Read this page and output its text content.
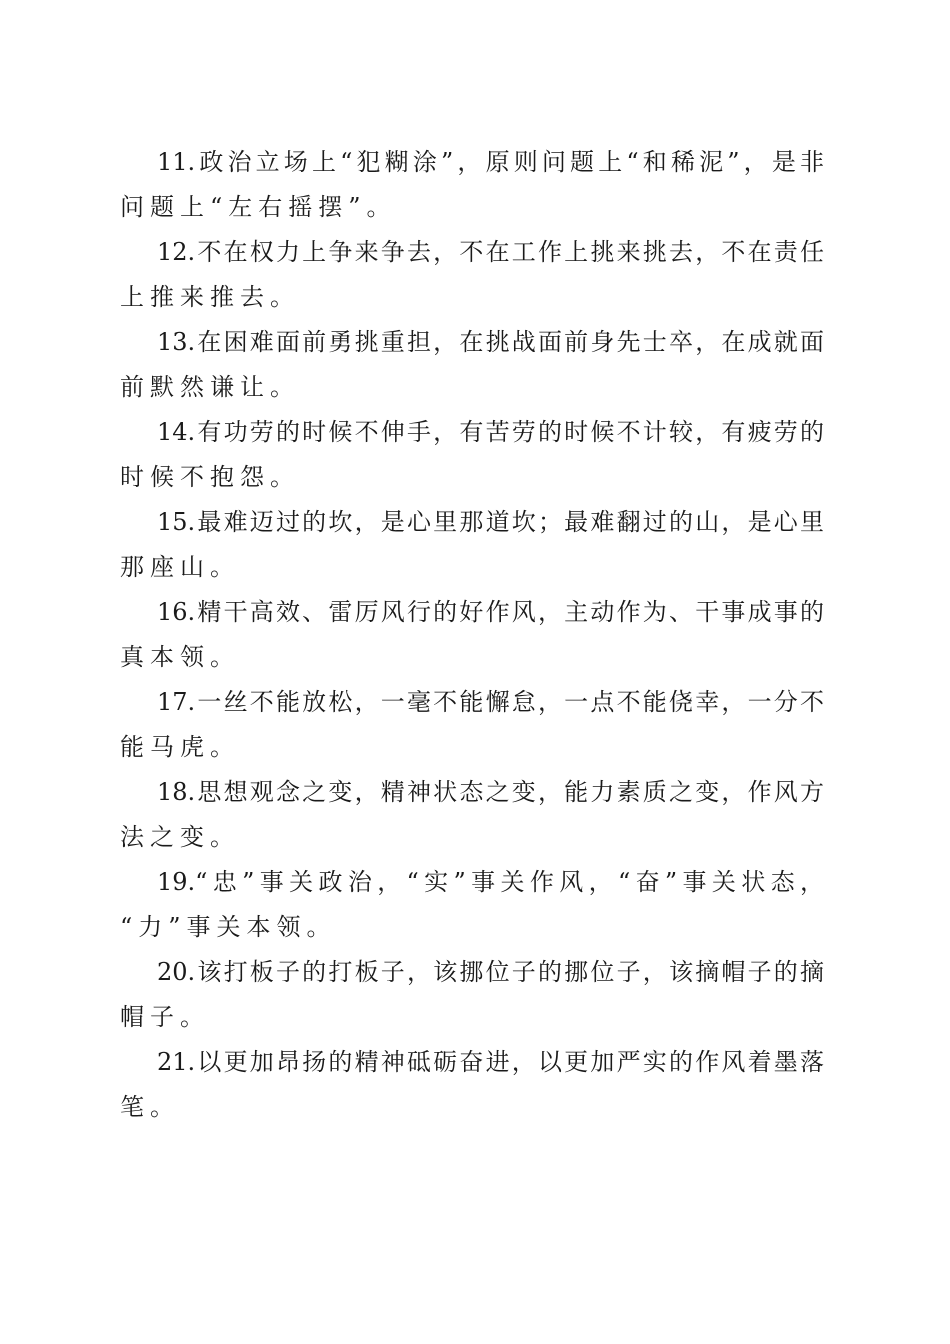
11.政治立场上“犯糊涂”，原则问题上“和稀泥”，是非
问题上“左右摇摆”。
12.不在权力上争来争去，不在工作上挑来挑去，不在责任
上推来推去。
13.在困难面前勇挑重担，在挑战面前身先士卒，在成就面
前默然谦让。
14.有功劳的时候不伸手，有苦劳的时候不计较，有疲劳的
时候不抱怨。
15.最难迈过的坎，是心里那道坎；最难翻过的山，是心里
那座山。
16.精干高效、雷厉风行的好作风，主动作为、干事成事的
真本领。
17.一丝不能放松，一毫不能懈怠，一点不能侥幸，一分不
能马虎。
18.思想观念之变，精神状态之变，能力素质之变，作风方
法之变。
19.“忠”事关政治，“实”事关作风，“奋”事关状态，
“力”事关本领。
20.该打板子的打板子，该挪位子的挪位子，该摘帽子的摘
帽子。
21.以更加昂扬的精神砥砺奋进，以更加严实的作风着墨落
笔。
